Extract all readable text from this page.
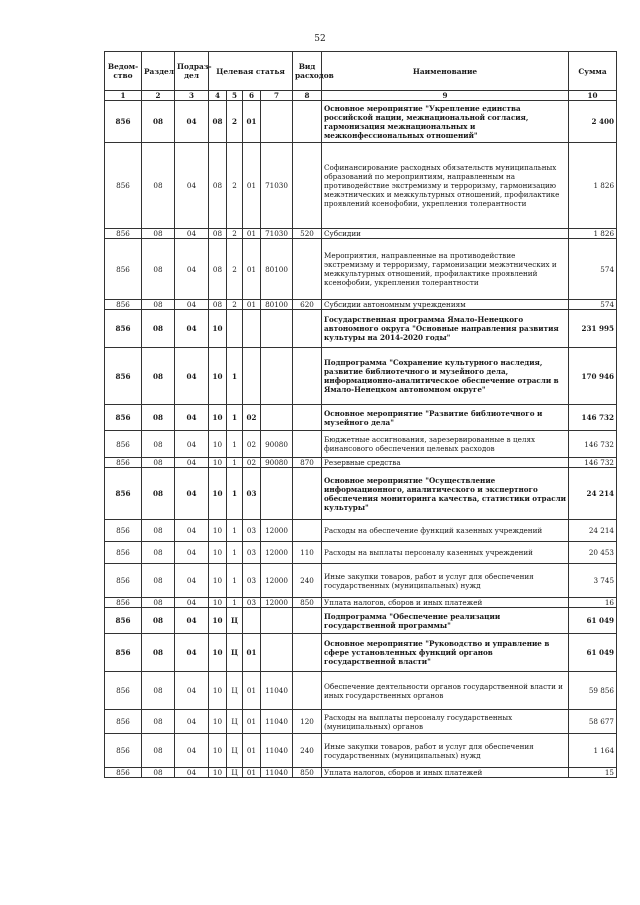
52
Ведом-ство	Раздел	Подраз-дел	Целевая статья				Вид расходов	Наименование	Сумма
1	2	3	4	5	6	7	8	9	10
856	08	04	08	2	01			Основное мероприятие "Укрепление единства российской нации, межнациональной согласия, гармонизация межнациональных и межконфессиональных отношений"	2 400
856	08	04	08	2	01	71030		Софинансирование расходных обязательств муниципальных образований по мероприятиям, направленным на противодействие экстремизму и терроризму, гармонизацию межэтнических и межкультурных отношений, профилактике проявлений ксенофобии, укрепления толерантности	1 826
856	08	04	08	2	01	71030	520	Субсидии	1 826
856	08	04	08	2	01	80100		Мероприятия, направленные на противодействие экстремизму и терроризму, гармонизации межэтнических и межкультурных отношений, профилактике проявлений ксенофобии, укрепления толерантности	574
856	08	04	08	2	01	80100	620	Субсидии автономным учреждениям	574
856	08	04	10					Государственная программа Ямало-Ненецкого автономного округа "Основные направления развития культуры на 2014-2020 годы"	231 995
856	08	04	10	1				Подпрограмма "Сохранение культурного наследия, развитие библиотечного и музейного дела, информационно-аналитическое обеспечение отрасли в Ямало-Ненецком автономном округе"	170 946
856	08	04	10	1	02			Основное мероприятие "Развитие библиотечного и музейного дела"	146 732
856	08	04	10	1	02	90080		Бюджетные ассигнования, зарезервированные в целях финансового обеспечения целевых расходов	146 732
856	08	04	10	1	02	90080	870	Резервные средства	146 732
856	08	04	10	1	03			Основное мероприятие "Осуществление информационного, аналитического и экспертного обеспечения мониторинга качества, статистики отрасли культуры"	24 214
856	08	04	10	1	03	12000		Расходы на обеспечение функций казенных учреждений	24 214
856	08	04	10	1	03	12000	110	Расходы на выплаты персоналу казенных учреждений	20 453
856	08	04	10	1	03	12000	240	Иные закупки товаров, работ и услуг для обеспечения государственных (муниципальных) нужд	3 745
856	08	04	10	1	03	12000	850	Уплата налогов, сборов и иных платежей	16
856	08	04	10	Ц				Подпрограмма "Обеспечение реализации государственной программы"	61 049
856	08	04	10	Ц	01			Основное мероприятие "Руководство и управление в сфере установленных функций органов государственной власти"	61 049
856	08	04	10	Ц	01	11040		Обеспечение деятельности органов государственной власти и иных государственных органов	59 856
856	08	04	10	Ц	01	11040	120	Расходы на выплаты персоналу государственных (муниципальных) органов	58 677
856	08	04	10	Ц	01	11040	240	Иные закупки товаров, работ и услуг для обеспечения государственных (муниципальных) нужд	1 164
856	08	04	10	Ц	01	11040	850	Уплата налогов, сборов и иных платежей	15
